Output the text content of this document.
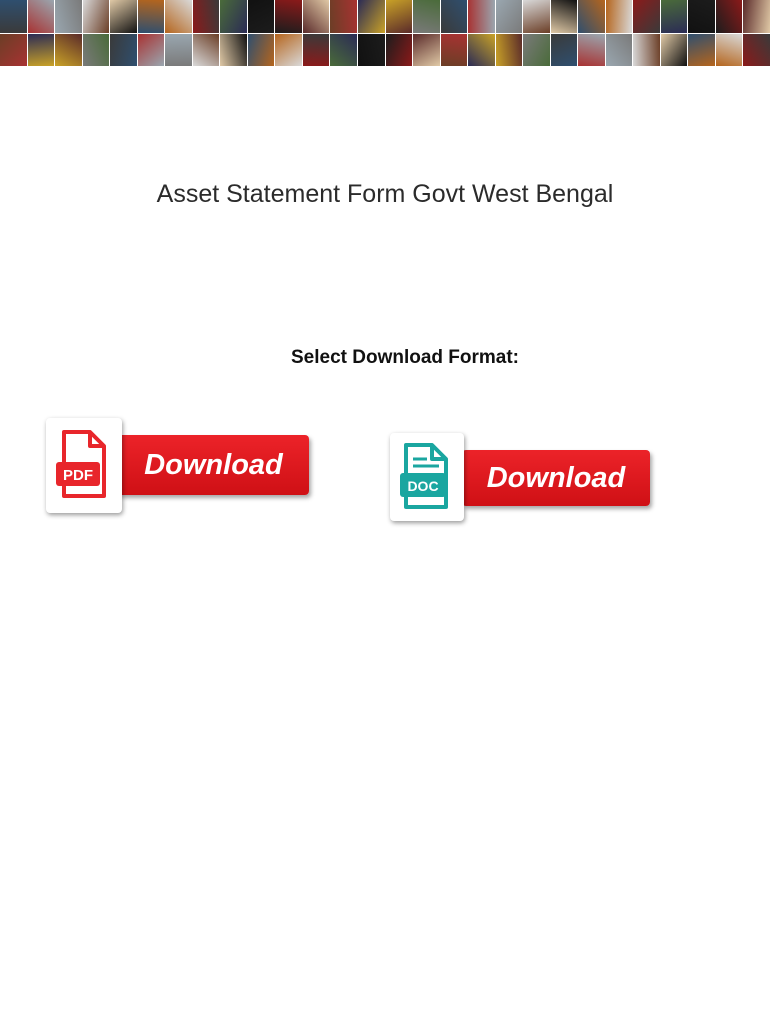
Asset Statement Form Govt West Bengal
Select Download Format:
Download
PDF	Download
DOC
